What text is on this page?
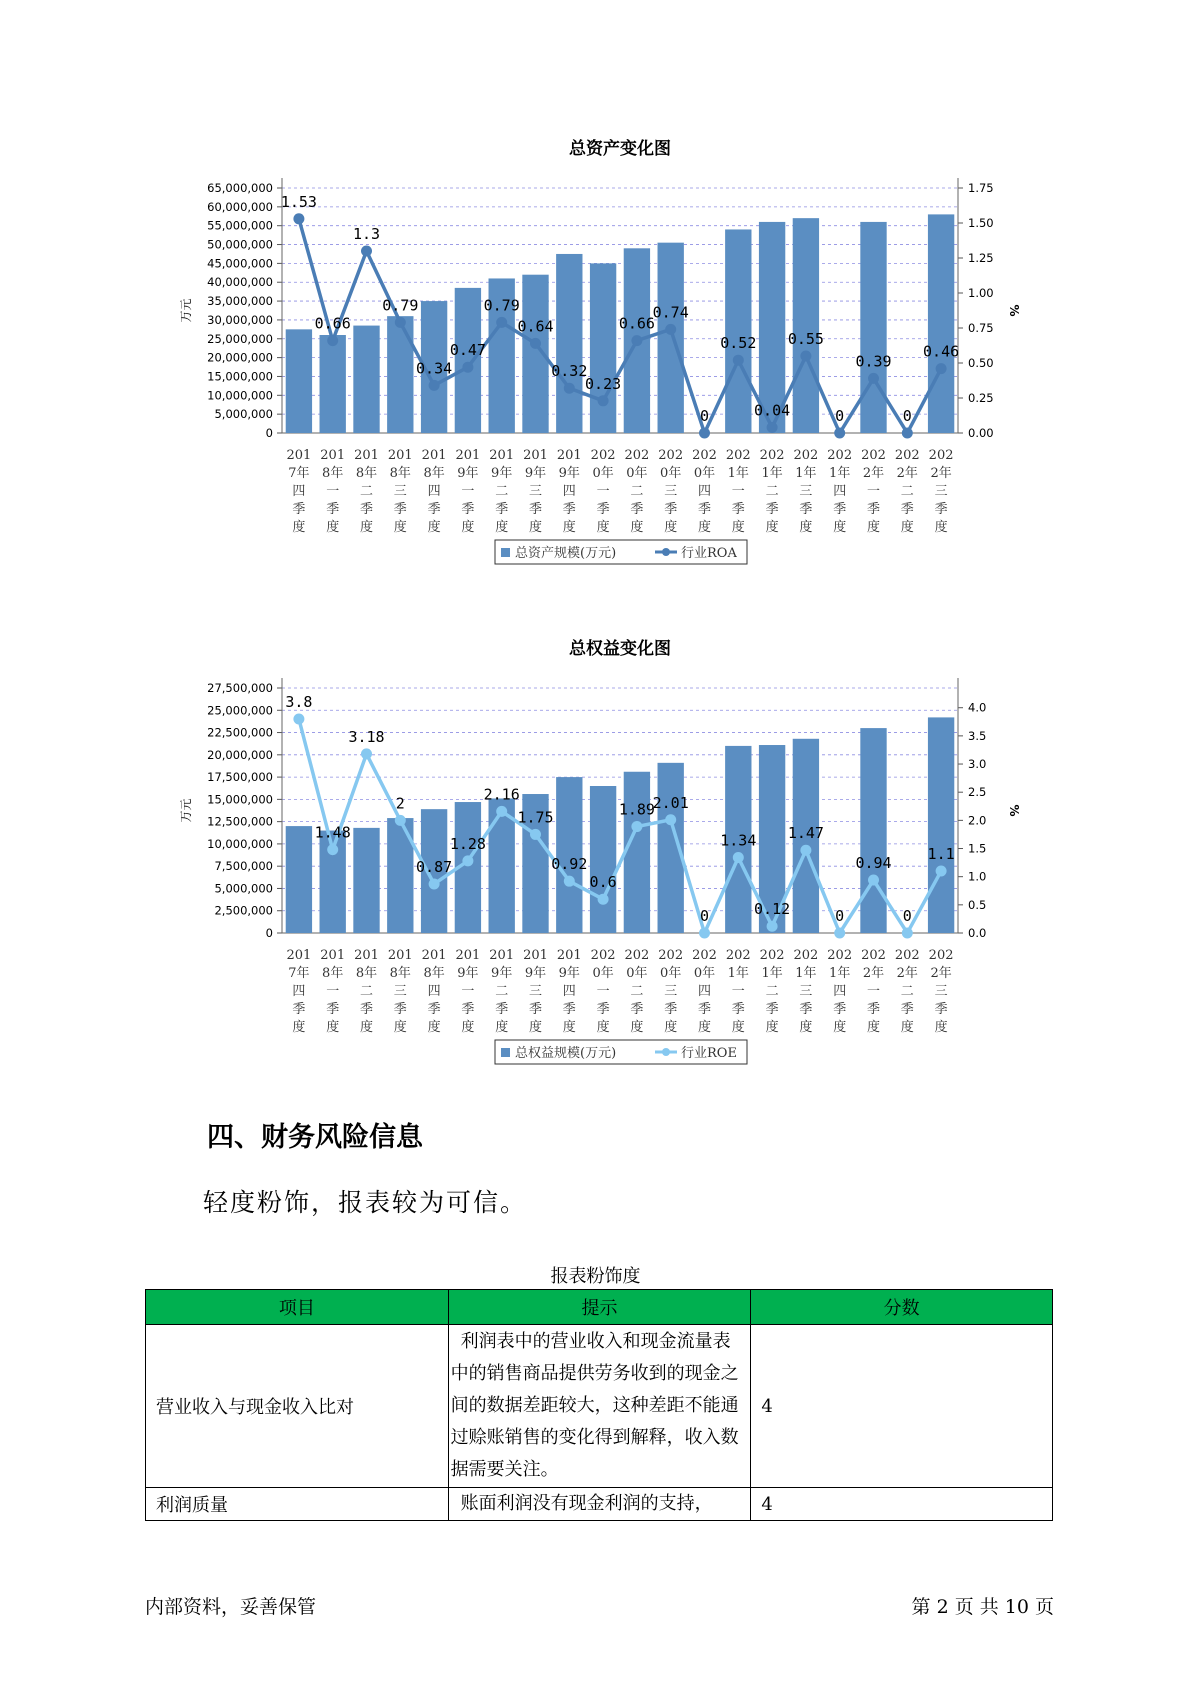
总资产变化图
0
5,000,000
10,000,000
15,000,000
20,000,000
25,000,000
30,000,000
35,000,000
40,000,000
45,000,000
50,000,000
55,000,000
60,000,000
65,000,000
0.00
0.25
0.50
0.75
1.00
1.25
1.50
1.75
万元	%
201
7年
四
季
度
201
8年
一
季
度
201
8年
二
季
度
201
8年
三
季
度
201
8年
四
季
度
201
9年
一
季
度
201
9年
二
季
度
201
9年
三
季
度
201
9年
四
季
度
202
0年
一
季
度
202
0年
二
季
度
202
0年
三
季
度
202
0年
四
季
度
202
1年
一
季
度
202
1年
二
季
度
202
1年
三
季
度
202
1年
四
季
度
202
2年
一
季
度
202
2年
二
季
度
202
2年
三
季
度
1.53
0.66
1.3
0.79
0.34
0.47
0.79
0.64
0.32
0.23
0.66
0.74
0
0.52
0.04
0.55
0
0.39
0
0.46
总资产规模(万元)	行业ROA
总权益变化图
0
2,500,000
5,000,000
7,500,000
10,000,000
12,500,000
15,000,000
17,500,000
20,000,000
22,500,000
25,000,000
27,500,000
0.0
0.5
1.0
1.5
2.0
2.5
3.0
3.5
4.0
万元	%
201
7年
四
季
度
201
8年
一
季
度
201
8年
二
季
度
201
8年
三
季
度
201
8年
四
季
度
201
9年
一
季
度
201
9年
二
季
度
201
9年
三
季
度
201
9年
四
季
度
202
0年
一
季
度
202
0年
二
季
度
202
0年
三
季
度
202
0年
四
季
度
202
1年
一
季
度
202
1年
二
季
度
202
1年
三
季
度
202
1年
四
季
度
202
2年
一
季
度
202
2年
二
季
度
202
2年
三
季
度
3.8
1.48
3.18
2
0.87
1.28
2.16
1.75
0.92
0.6
1.89
2.01
0
1.34
0.12
1.47
0
0.94
0
1.1
总权益规模(万元)	行业ROE
四、财务风险信息
轻度粉饰，报表较为可信。
报表粉饰度
项目	提示	分数
营业收入与现金收入比对	利润表中的营业收入和现金流量表中的销售商品提供劳务收到的现金之间的数据差距较大，这种差距不能通过赊账销售的变化得到解释，收入数据需要关注。	4
利润质量	账面利润没有现金利润的支持，	4
内部资料，妥善保管	第 2 页 共 10 页
